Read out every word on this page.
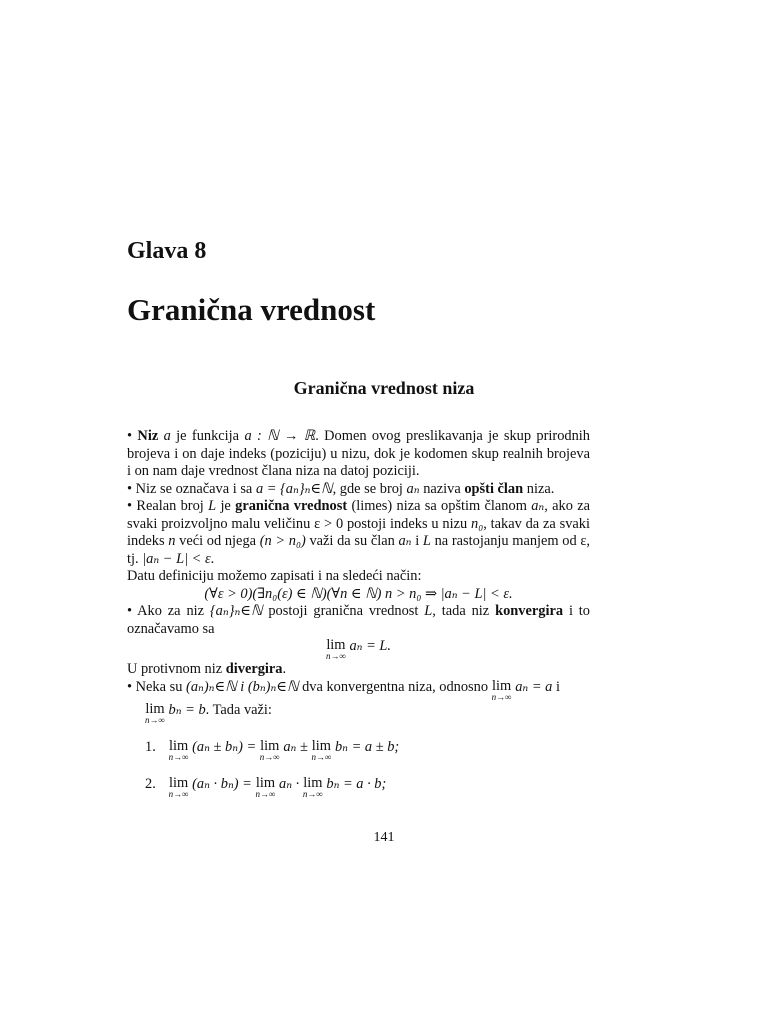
Glava 8
Granična vrednost
Granična vrednost niza

• Niz a je funkcija a : ℕ → ℝ. Domen ovog preslikavanja je skup prirodnih brojeva i on daje indeks (poziciju) u nizu, dok je kodomen skup realnih brojeva i on nam daje vrednost člana niza na datoj poziciji.

• Niz se označava i sa a = {aₙ}ₙ∈ℕ, gde se broj aₙ naziva opšti član niza.

• Realan broj L je granična vrednost (limes) niza sa opštim članom aₙ, ako za svaki proizvoljno malu veličinu ε > 0 postoji indeks u nizu n₀, takav da za svaki indeks n veći od njega (n > n₀) važi da su član aₙ i L na rastojanju manjem od ε, tj. |aₙ − L| < ε.

Datu definiciju možemo zapisati i na sledeći način:

(∀ε > 0)(∃n₀(ε) ∈ ℕ)(∀n ∈ ℕ) n > n₀ ⇒ |aₙ − L| < ε.

• Ako za niz {aₙ}ₙ∈ℕ postoji granična vrednost L, tada niz konvergira i to označavamo sa

lim
n→∞
aₙ = L.

U protivnom niz divergira.

• Neka su (aₙ)ₙ∈ℕ i (bₙ)ₙ∈ℕ dva konvergentna niza, odnosno lim
n→∞
aₙ = a i
lim
n→∞
bₙ = b. Tada važi:

1. lim
n→∞
(aₙ ± bₙ) = lim
n→∞
aₙ ± lim
n→∞
bₙ = a ± b;
2. lim
n→∞
(aₙ · bₙ) = lim
n→∞
aₙ · lim
n→∞
bₙ = a · b;
141
